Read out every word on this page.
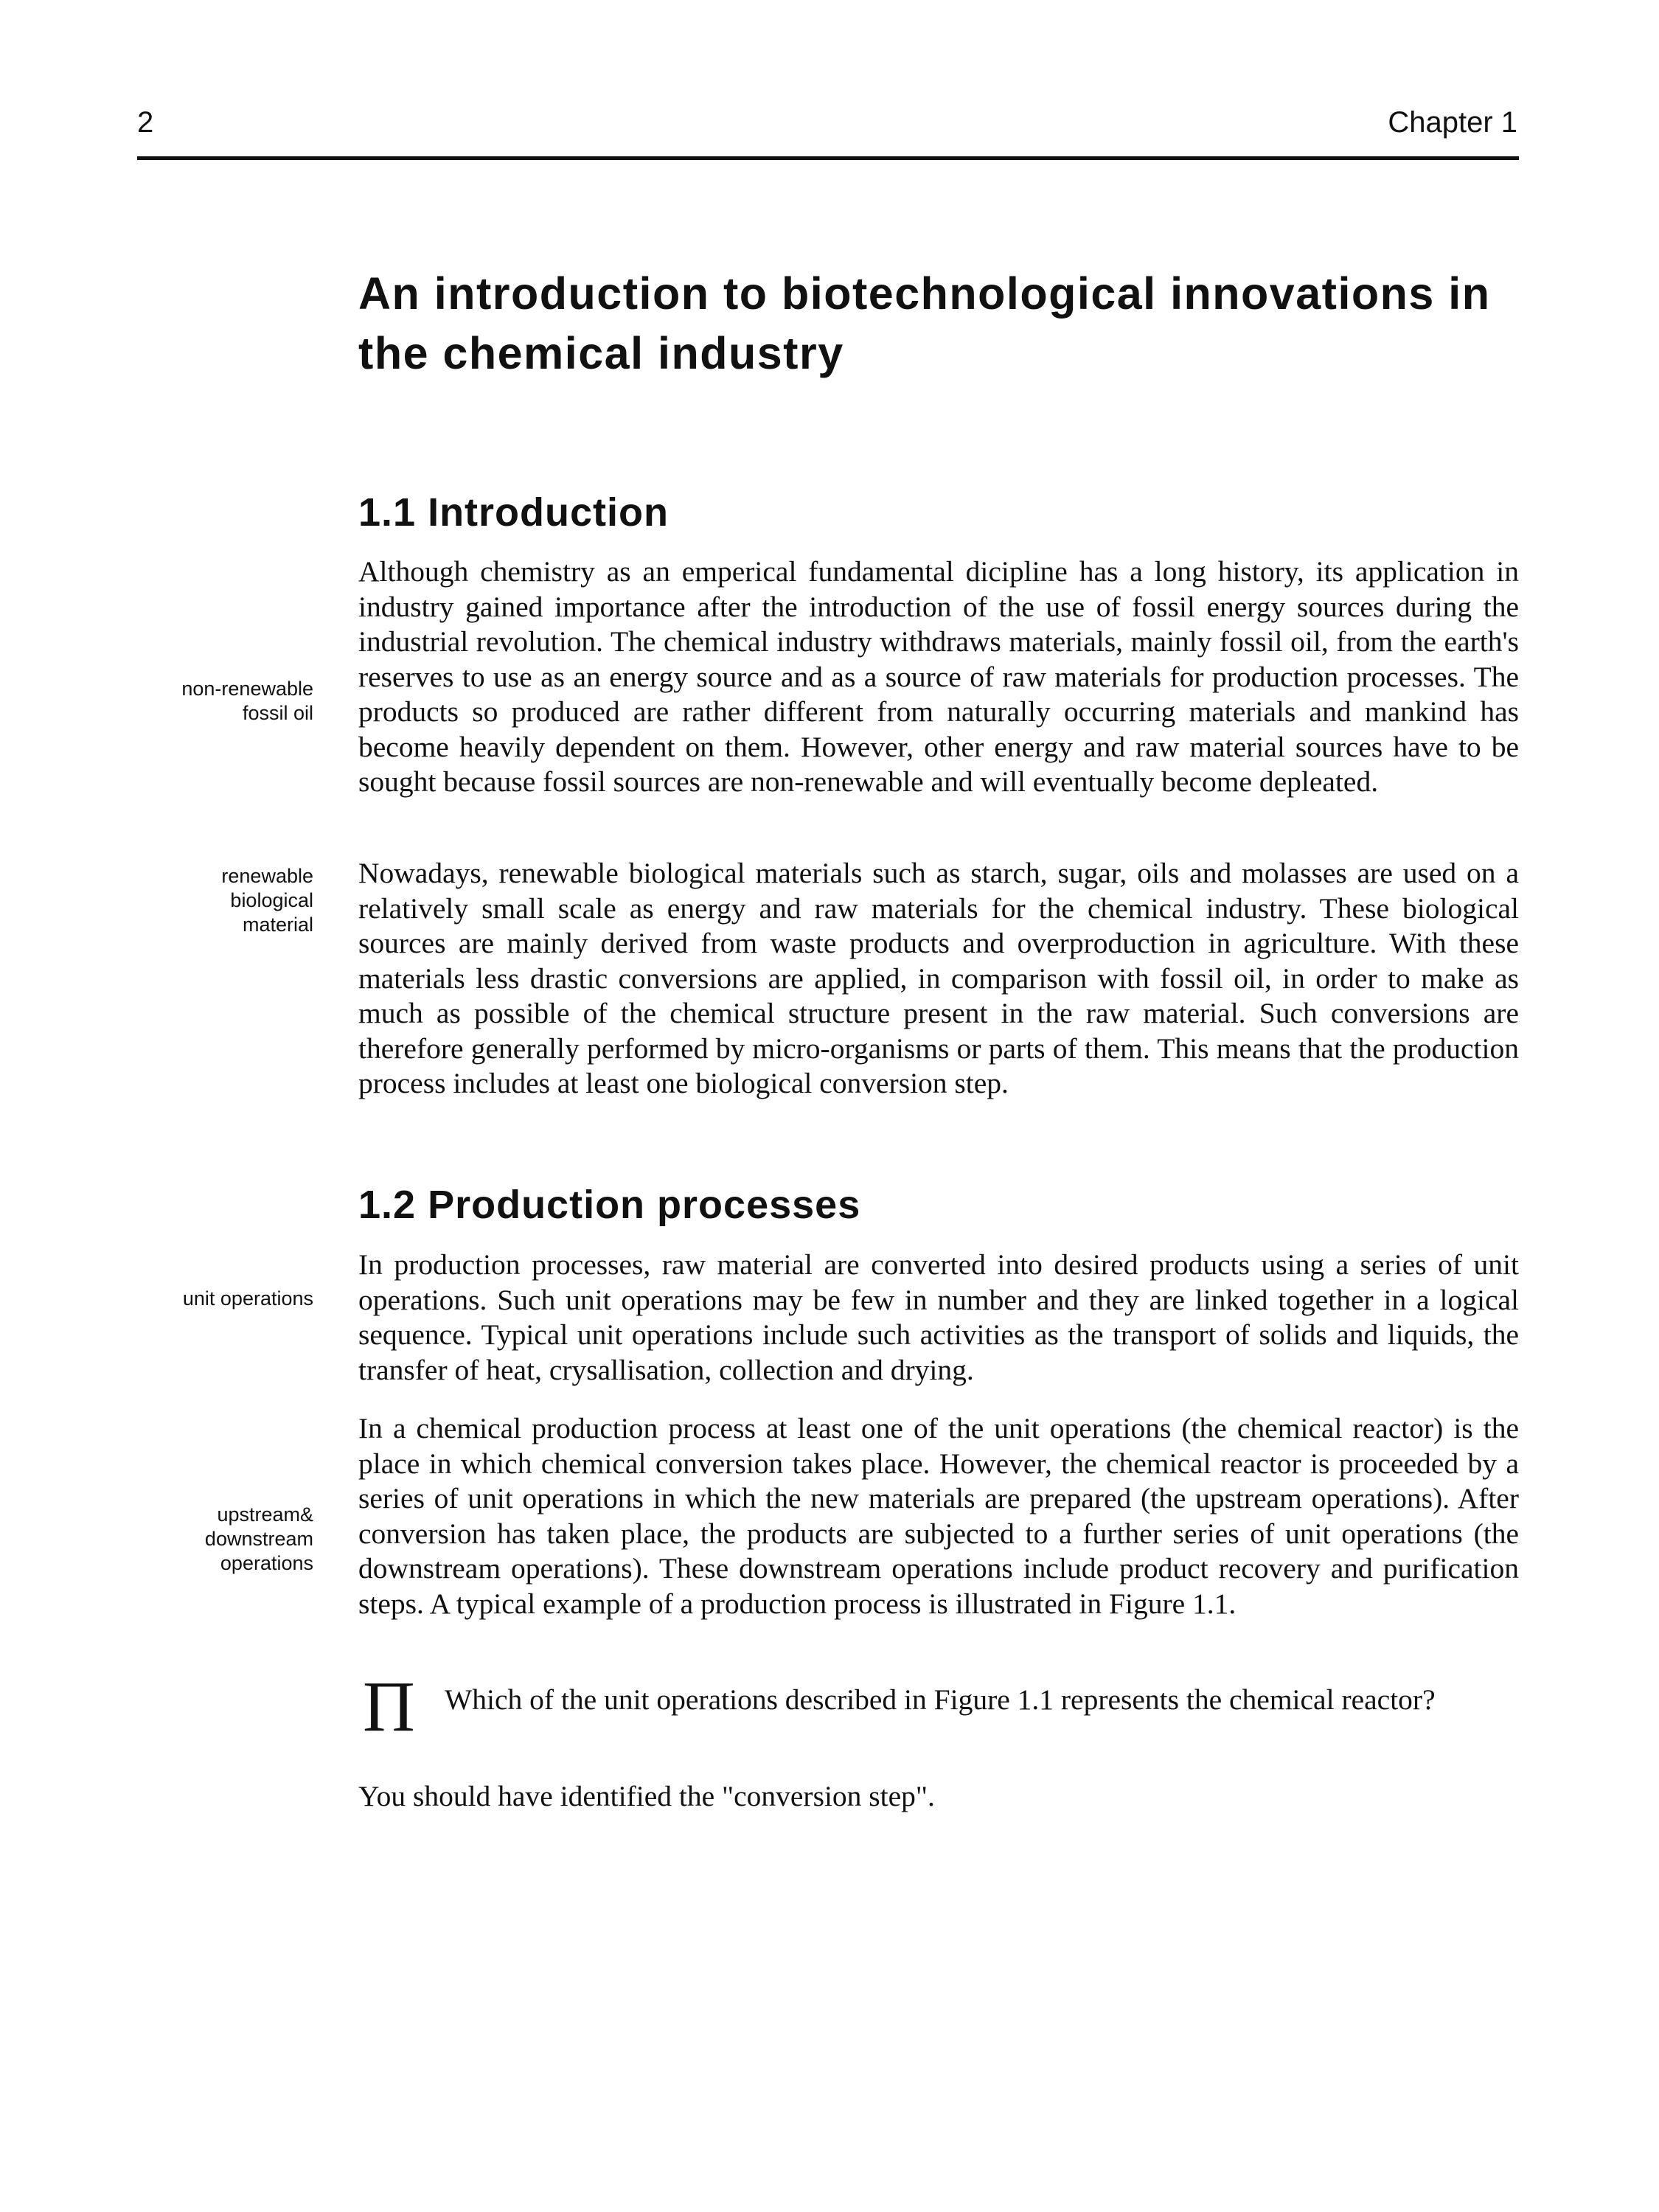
2	Chapter 1
An introduction to biotechnological innovations in the chemical industry
1.1 Introduction

Although chemistry as an emperical fundamental dicipline has a long history, its application in industry gained importance after the introduction of the use of fossil energy sources during the industrial revolution. The chemical industry withdraws materials, mainly fossil oil, from the earth's reserves to use as an energy source and as a source of raw materials for production processes. The products so produced are rather different from naturally occurring materials and mankind has become heavily dependent on them. However, other energy and raw material sources have to be sought because fossil sources are non-renewable and will eventually become depleated.

Nowadays, renewable biological materials such as starch, sugar, oils and molasses are used on a relatively small scale as energy and raw materials for the chemical industry. These biological sources are mainly derived from waste products and overproduction in agriculture. With these materials less drastic conversions are applied, in comparison with fossil oil, in order to make as much as possible of the chemical structure present in the raw material. Such conversions are therefore generally performed by micro-organisms or parts of them. This means that the production process includes at least one biological conversion step.

1.2 Production processes

In production processes, raw material are converted into desired products using a series of unit operations. Such unit operations may be few in number and they are linked together in a logical sequence. Typical unit operations include such activities as the transport of solids and liquids, the transfer of heat, crysallisation, collection and drying.

In a chemical production process at least one of the unit operations (the chemical reactor) is the place in which chemical conversion takes place. However, the chemical reactor is proceeded by a series of unit operations in which the new materials are prepared (the upstream operations). After conversion has taken place, the products are subjected to a further series of unit operations (the downstream operations). These downstream operations include product recovery and purification steps. A typical example of a production process is illustrated in Figure 1.1.

non-renewable
fossil oil
renewable
biological
material
unit operations
upstream&
downstream
operations
Π Which of the unit operations described in Figure 1.1 represents the chemical reactor?

You should have identified the "conversion step".
